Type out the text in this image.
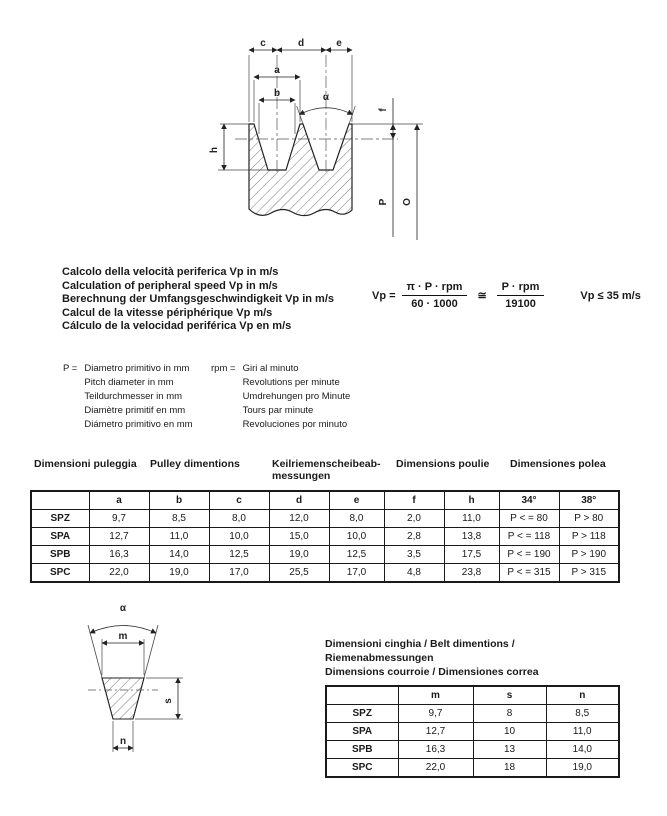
c	d	e
a
b	α
h
f
P O
Calcolo della velocità periferica Vp in m/s
Calculation of peripheral speed Vp in m/s
Berechnung der Umfangsgeschwindigkeit Vp in m/s
Calcul de la vitesse périphérique Vp m/s
Cálculo de la velocidad periférica Vp en m/s
$Vp = \frac{\text{π · P · rpm}}{60 \cdot 1000}$ ≅ $\frac{\text{P · rpm}}{19100}$	Vp ≤ 35 m/s
P = Diametro primitivo in mm
Pitch diameter in mm
Teildurchmesser in mm
Diamètre primitif en mm
Diámetro primitivo en mm
rpm = Giri al minuto
Revolutions per minute
Umdrehungen pro Minute
Tours par minute
Revoluciones por minuto
Dimensioni puleggia Pulley dimentions	Keilriemenscheibeab-messungen
Dimensions poulie Dimensiones polea
	a	b	c	d	e	f	h	34°	38°
SPZ	9,7	8,5	8,0	12,0	8,0	2,0	11,0	P < = 80	P > 80
SPA	12,7	11,0	10,0	15,0	10,0	2,8	13,8	P < = 118	P > 118
SPB	16,3	14,0	12,5	19,0	12,5	3,5	17,5	P < = 190	P > 190
SPC	22,0	19,0	17,0	25,5	17,0	4,8	23,8	P < = 315	P > 315
α
m
s
n
Dimensioni cinghia / Belt dimentions / Riemenabmessungen
Dimensions courroie / Dimensiones correa
	m	s	n
SPZ	9,7	8	8,5
SPA	12,7	10	11,0
SPB	16,3	13	14,0
SPC	22,0	18	19,0
